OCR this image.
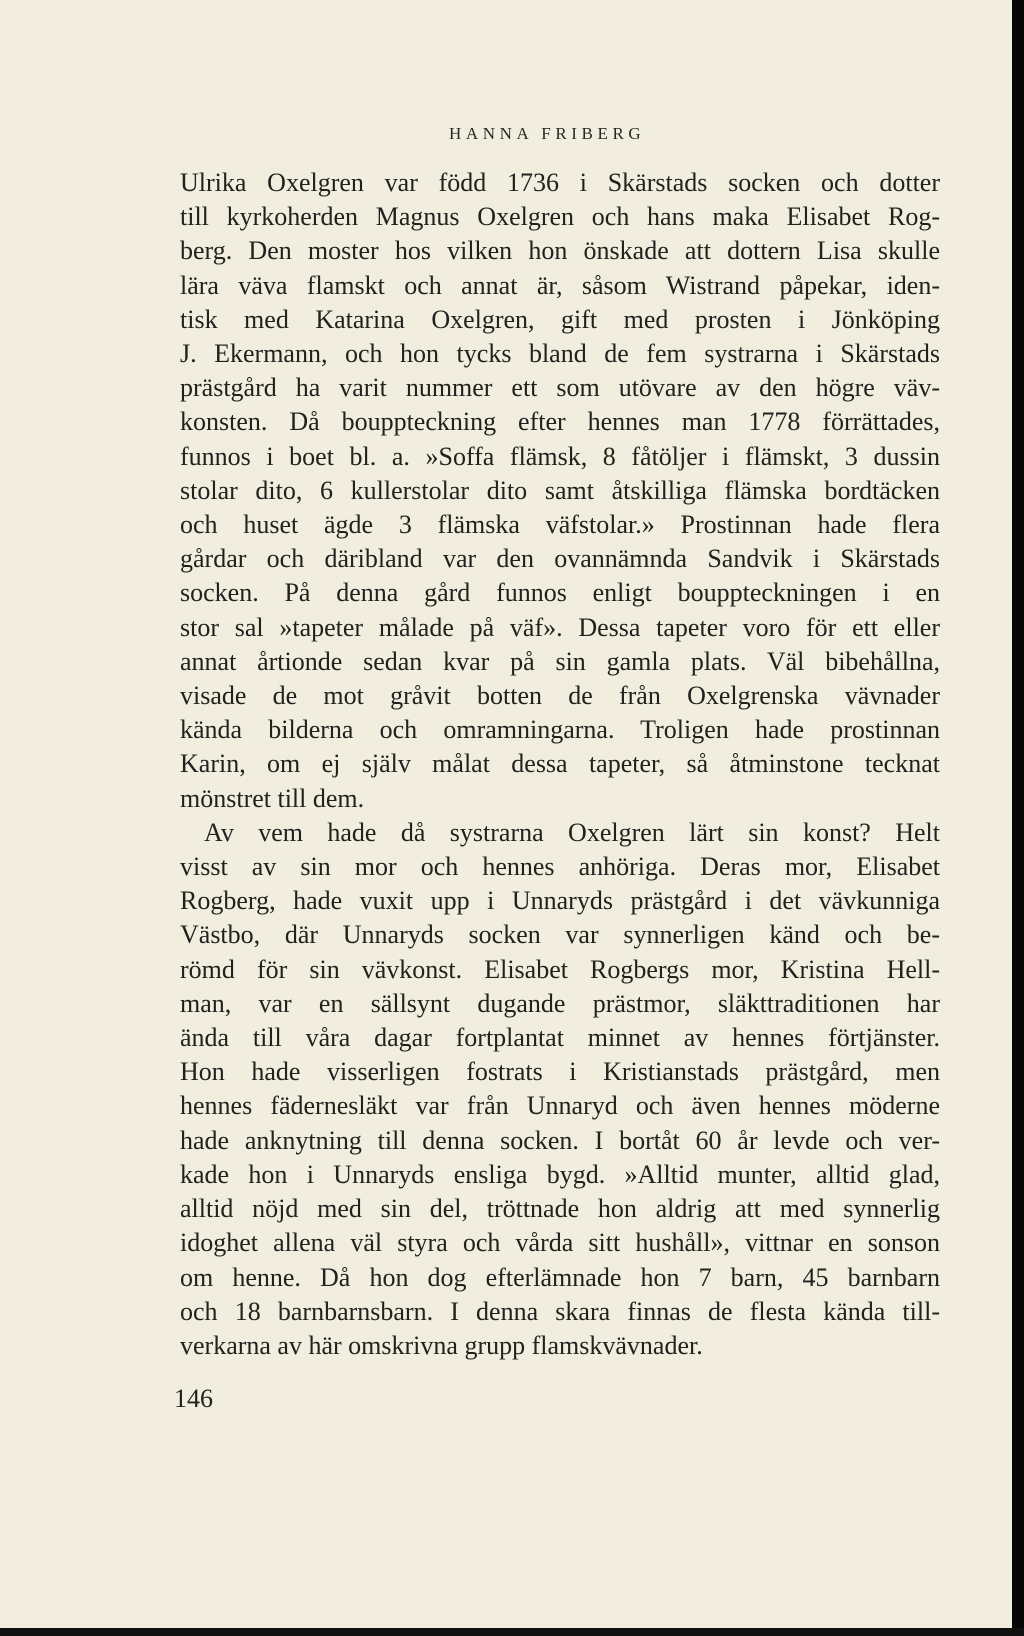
HANNA FRIBERG
Ulrika Oxelgren var född 1736 i Skärstads socken och dotter
till kyrkoherden Magnus Oxelgren och hans maka Elisabet Rog-
berg. Den moster hos vilken hon önskade att dottern Lisa skulle
lära väva flamskt och annat är, såsom Wistrand påpekar, iden-
tisk med Katarina Oxelgren, gift med prosten i Jönköping
J. Ekermann, och hon tycks bland de fem systrarna i Skärstads
prästgård ha varit nummer ett som utövare av den högre väv-
konsten. Då bouppteckning efter hennes man 1778 förrättades,
funnos i boet bl. a. »Soffa flämsk, 8 fåtöljer i flämskt, 3 dussin
stolar dito, 6 kullerstolar dito samt åtskilliga flämska bordtäcken
och huset ägde 3 flämska väfstolar.» Prostinnan hade flera
gårdar och däribland var den ovannämnda Sandvik i Skärstads
socken. På denna gård funnos enligt bouppteckningen i en
stor sal »tapeter målade på väf». Dessa tapeter voro för ett eller
annat årtionde sedan kvar på sin gamla plats. Väl bibehållna,
visade de mot gråvit botten de från Oxelgrenska vävnader
kända bilderna och omramningarna. Troligen hade prostinnan
Karin, om ej själv målat dessa tapeter, så åtminstone tecknat
mönstret till dem.
Av vem hade då systrarna Oxelgren lärt sin konst? Helt
visst av sin mor och hennes anhöriga. Deras mor, Elisabet
Rogberg, hade vuxit upp i Unnaryds prästgård i det vävkunniga
Västbo, där Unnaryds socken var synnerligen känd och be-
römd för sin vävkonst. Elisabet Rogbergs mor, Kristina Hell-
man, var en sällsynt dugande prästmor, släkttraditionen har
ända till våra dagar fortplantat minnet av hennes förtjänster.
Hon hade visserligen fostrats i Kristianstads prästgård, men
hennes fädernesläkt var från Unnaryd och även hennes möderne
hade anknytning till denna socken. I bortåt 60 år levde och ver-
kade hon i Unnaryds ensliga bygd. »Alltid munter, alltid glad,
alltid nöjd med sin del, tröttnade hon aldrig att med synnerlig
idoghet allena väl styra och vårda sitt hushåll», vittnar en sonson
om henne. Då hon dog efterlämnade hon 7 barn, 45 barnbarn
och 18 barnbarnsbarn. I denna skara finnas de flesta kända till-
verkarna av här omskrivna grupp flamskvävnader.
146
